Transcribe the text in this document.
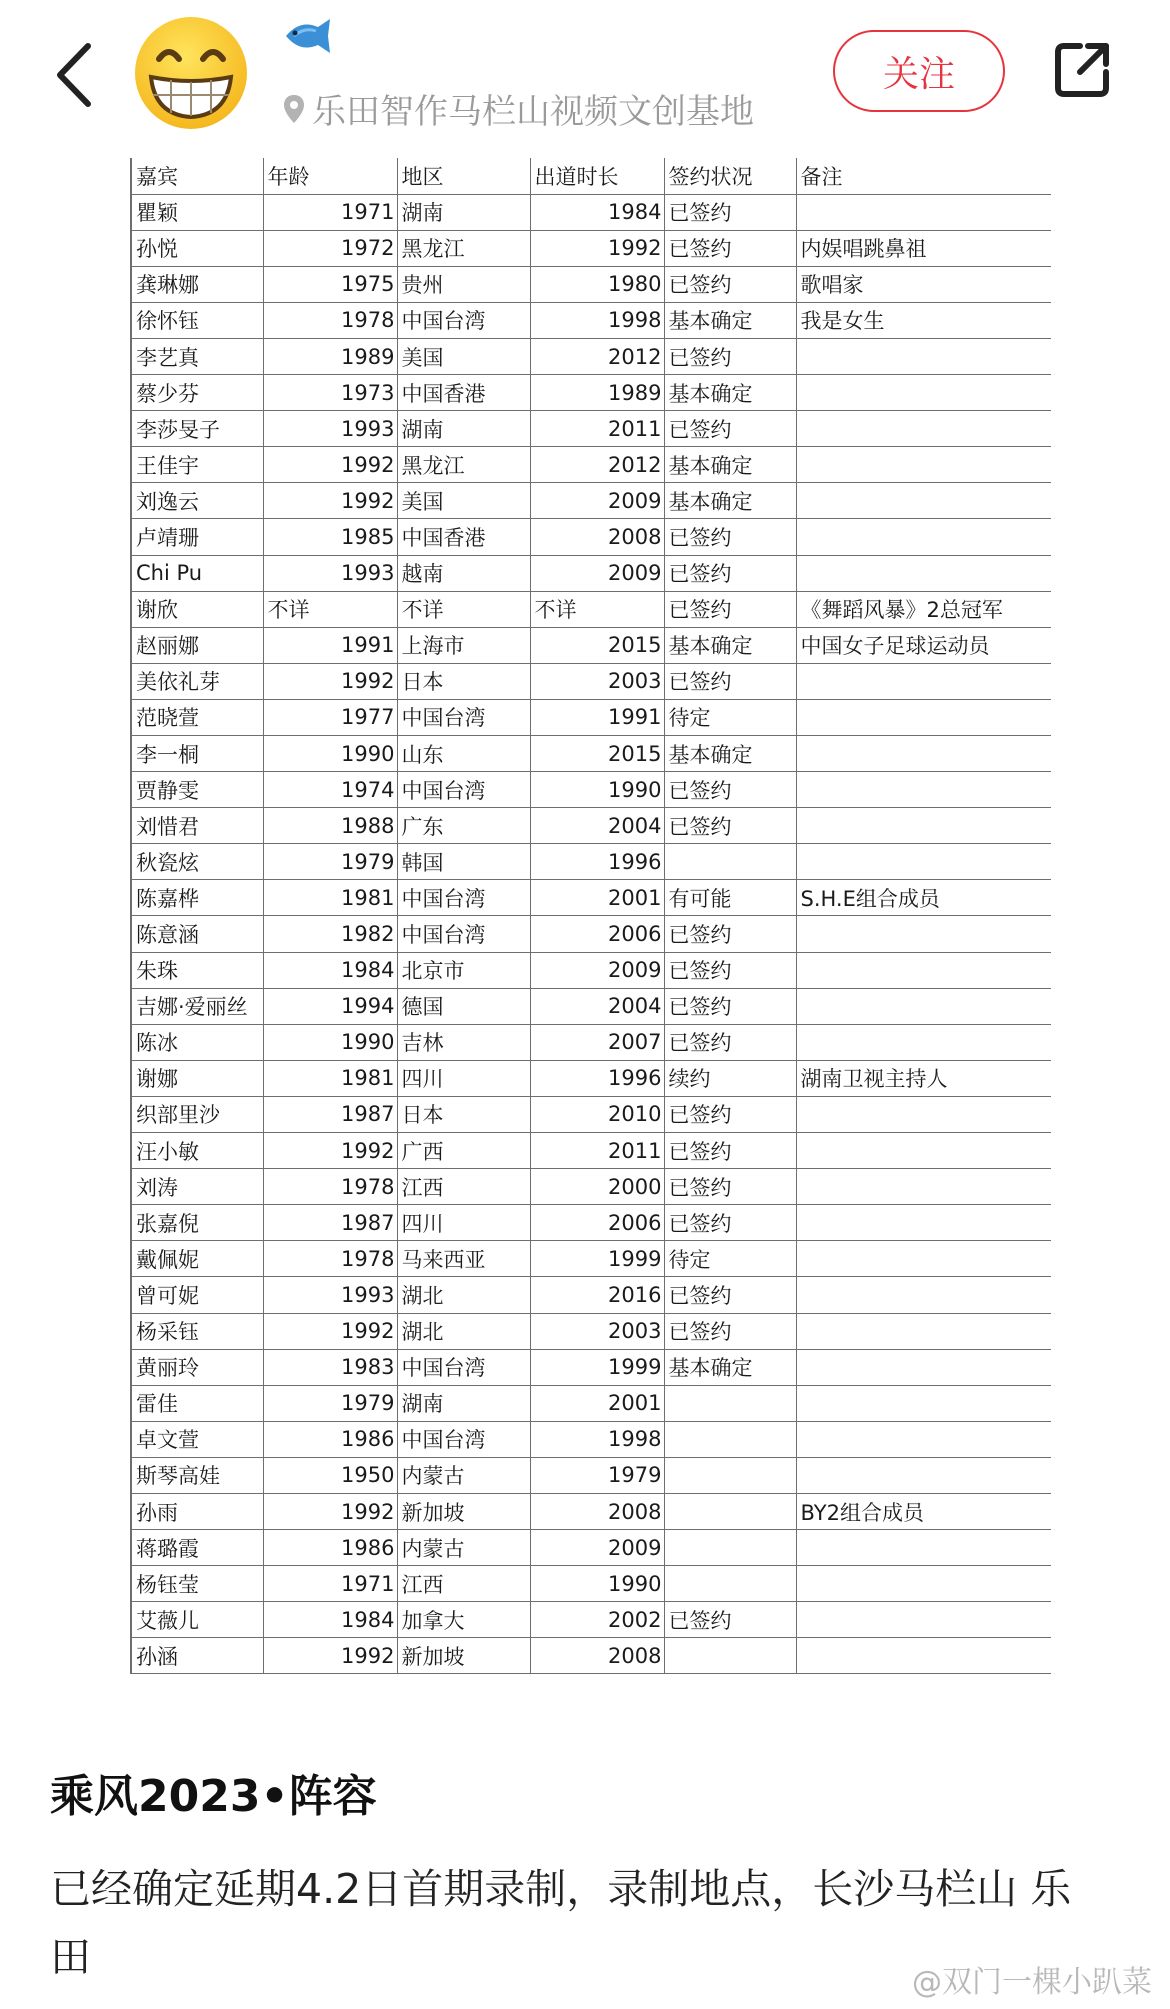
乐田智作马栏山视频文创基地
关注
嘉宾	年龄	地区	出道时长	签约状况	备注
瞿颖	1971	湖南	1984	已签约	
孙悦	1972	黑龙江	1992	已签约	内娱唱跳鼻祖
龚琳娜	1975	贵州	1980	已签约	歌唱家
徐怀钰	1978	中国台湾	1998	基本确定	我是女生
李艺真	1989	美国	2012	已签约	
蔡少芬	1973	中国香港	1989	基本确定	
李莎旻子	1993	湖南	2011	已签约	
王佳宇	1992	黑龙江	2012	基本确定	
刘逸云	1992	美国	2009	基本确定	
卢靖珊	1985	中国香港	2008	已签约	
Chi Pu	1993	越南	2009	已签约	
谢欣	不详	不详	不详	已签约	《舞蹈风暴》2总冠军
赵丽娜	1991	上海市	2015	基本确定	中国女子足球运动员
美依礼芽	1992	日本	2003	已签约	
范晓萱	1977	中国台湾	1991	待定	
李一桐	1990	山东	2015	基本确定	
贾静雯	1974	中国台湾	1990	已签约	
刘惜君	1988	广东	2004	已签约	
秋瓷炫	1979	韩国	1996		
陈嘉桦	1981	中国台湾	2001	有可能	S.H.E组合成员
陈意涵	1982	中国台湾	2006	已签约	
朱珠	1984	北京市	2009	已签约	
吉娜·爱丽丝	1994	德国	2004	已签约	
陈冰	1990	吉林	2007	已签约	
谢娜	1981	四川	1996	续约	湖南卫视主持人
织部里沙	1987	日本	2010	已签约	
汪小敏	1992	广西	2011	已签约	
刘涛	1978	江西	2000	已签约	
张嘉倪	1987	四川	2006	已签约	
戴佩妮	1978	马来西亚	1999	待定	
曾可妮	1993	湖北	2016	已签约	
杨采钰	1992	湖北	2003	已签约	
黄丽玲	1983	中国台湾	1999	基本确定	
雷佳	1979	湖南	2001		
卓文萱	1986	中国台湾	1998		
斯琴高娃	1950	内蒙古	1979		
孙雨	1992	新加坡	2008		BY2组合成员
蒋璐霞	1986	内蒙古	2009		
杨钰莹	1971	江西	1990		
艾薇儿	1984	加拿大	2002	已签约	
孙涵	1992	新加坡	2008		
乘风2023•阵容
已经确定延期4.2日首期录制，录制地点，长沙马栏山 乐田
@双门一棵小趴菜
